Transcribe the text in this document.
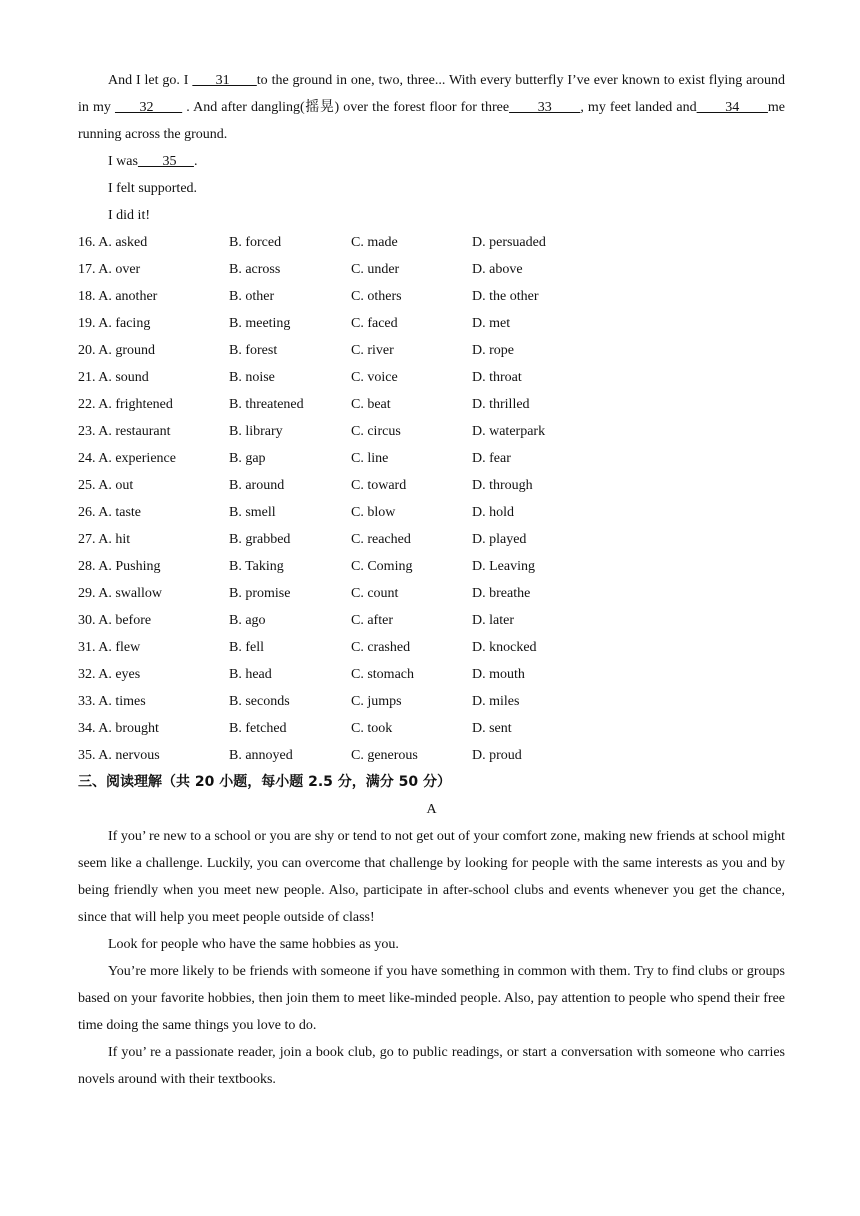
And I let go. I       31       to the ground in one, two, three... With every butterfly I’ve ever known to exist flying around in my       32        . And after dangling(摇晃) over the forest floor for three       33       , my feet landed and       34       me running across the ground.

I was       35     .

I felt supported.

I did it!

16. A. asked	B. forced	C. made	D. persuaded
17. A. over	B. across	C. under	D. above
18. A. another	B. other	C. others	D. the other
19. A. facing	B. meeting	C. faced	D. met
20. A. ground	B. forest	C. river	D. rope
21. A. sound	B. noise	C. voice	D. throat
22. A. frightened	B. threatened	C. beat	D. thrilled
23. A. restaurant	B. library	C. circus	D. waterpark
24. A. experience	B. gap	C. line	D. fear
25. A. out	B. around	C. toward	D. through
26. A. taste	B. smell	C. blow	D. hold
27. A. hit	B. grabbed	C. reached	D. played
28. A. Pushing	B. Taking	C. Coming	D. Leaving
29. A. swallow	B. promise	C. count	D. breathe
30. A. before	B. ago	C. after	D. later
31. A. flew	B. fell	C. crashed	D. knocked
32. A. eyes	B. head	C. stomach	D. mouth
33. A. times	B. seconds	C. jumps	D. miles
34. A. brought	B. fetched	C. took	D. sent
35. A. nervous	B. annoyed	C. generous	D. proud

三、阅读理解（共 20 小题，每小题 2.5 分，满分 50 分）

A

If you’ re new to a school or you are shy or tend to not get out of your comfort zone, making new friends at school might seem like a challenge. Luckily, you can overcome that challenge by looking for people with the same interests as you and by being friendly when you meet new people. Also, participate in after-school clubs and events whenever you get the chance, since that will help you meet people outside of class!

Look for people who have the same hobbies as you.

You’re more likely to be friends with someone if you have something in common with them. Try to find clubs or groups based on your favorite hobbies, then join them to meet like-minded people. Also, pay attention to people who spend their free time doing the same things you love to do.

If you’ re a passionate reader, join a book club, go to public readings, or start a conversation with someone who carries novels around with their textbooks.
